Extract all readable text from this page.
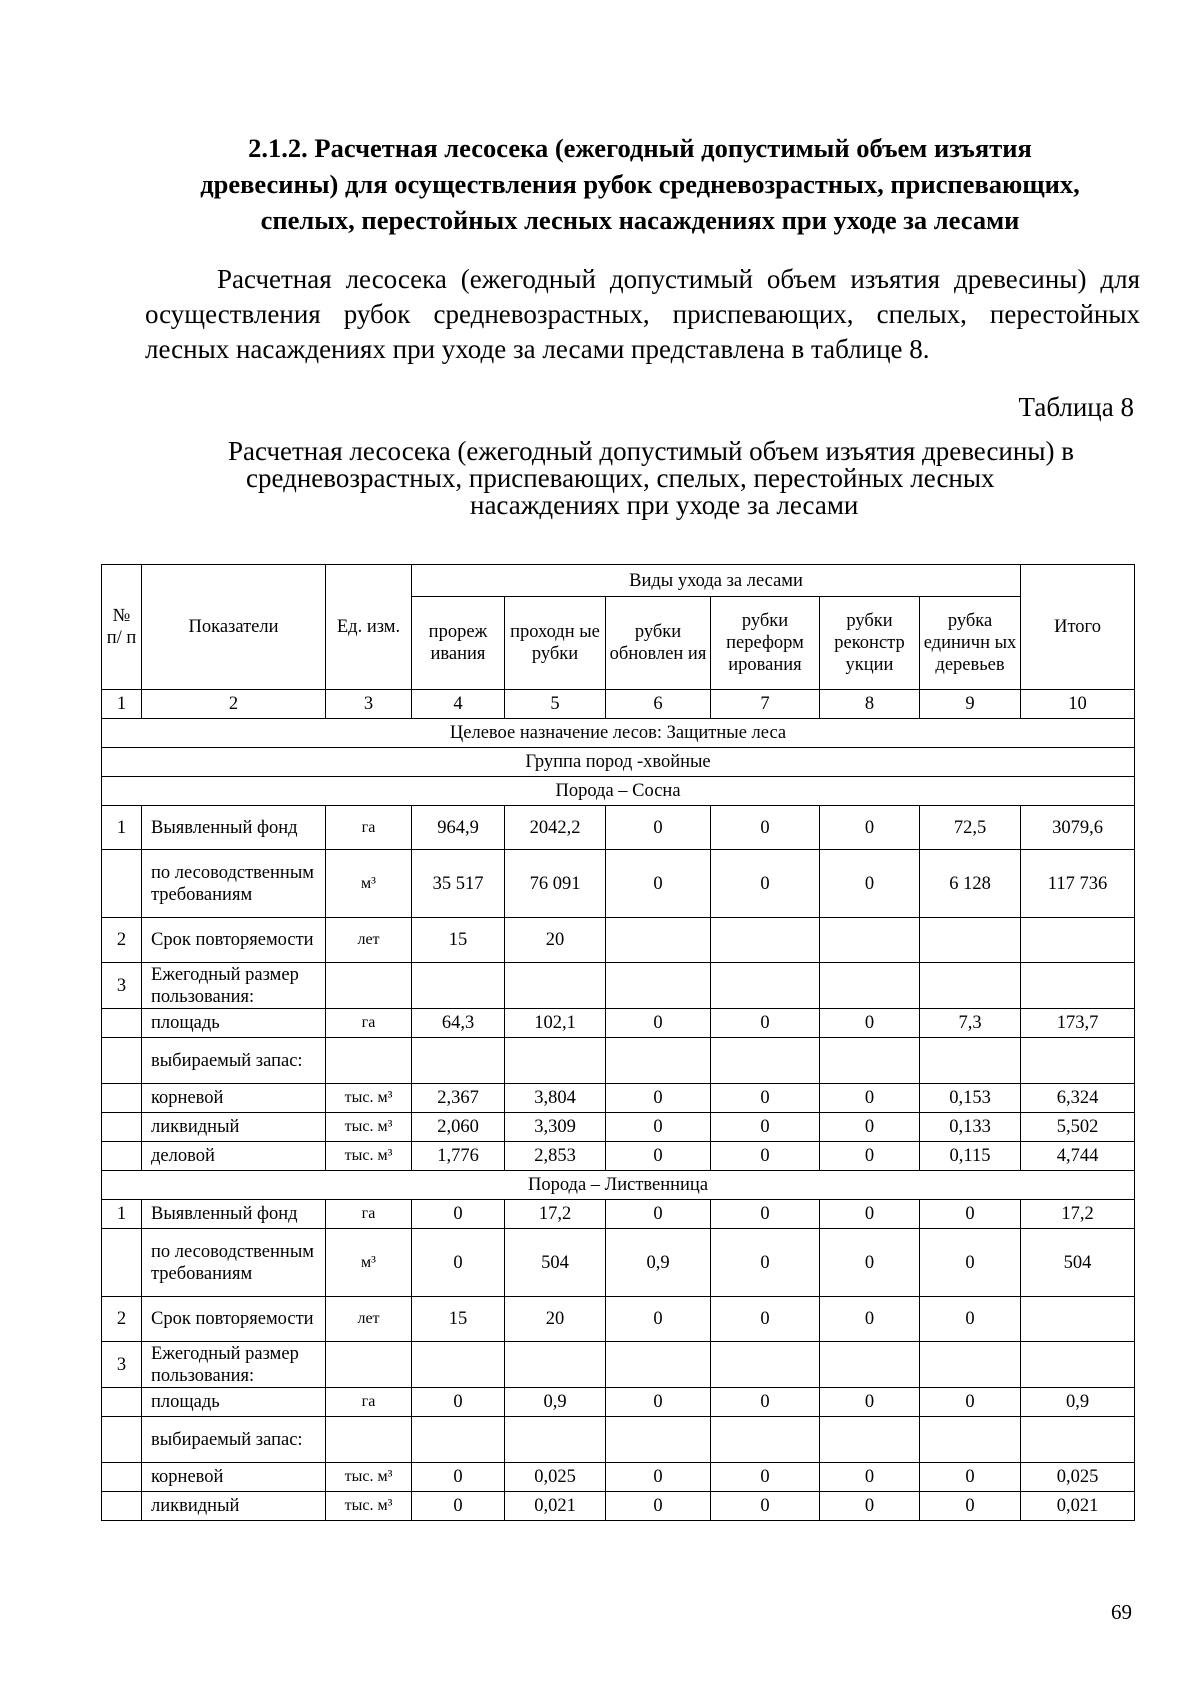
2.1.2. Расчетная лесосека (ежегодный допустимый объем изъятия
древесины) для осуществления рубок средневозрастных, приспевающих,
спелых, перестойных лесных насаждениях при уходе за лесами
Расчетная лесосека (ежегодный допустимый объем изъятия древесины) для
осуществления рубок средневозрастных, приспевающих, спелых, перестойных
лесных насаждениях при уходе за лесами представлена в таблице 8.
Таблица 8
Расчетная лесосека (ежегодный допустимый объем изъятия древесины) в
средневозрастных, приспевающих, спелых, перестойных лесных
насаждениях при уходе за лесами
№ п/ п	Показатели	Ед. изм.	Виды ухода за лесами						Итого
			прореж ивания	проходн ые рубки	рубки обновлен ия	рубки переформ ирования	рубки реконстр укции	рубка единичн ых деревьев	
1	2	3	4	5	6	7	8	9	10
Целевое назначение лесов: Защитные леса									
Группа пород -хвойные									
Порода – Сосна									
1	Выявленный фонд	га	964,9	2042,2	0	0	0	72,5	3079,6
	по лесоводственным требованиям	м³	35 517	76 091	0	0	0	6 128	117 736
2	Срок повторяемости	лет	15	20					
3	Ежегодный размер пользования:								
	площадь	га	64,3	102,1	0	0	0	7,3	173,7
	выбираемый запас:								
	корневой	тыс. м³	2,367	3,804	0	0	0	0,153	6,324
	ликвидный	тыс. м³	2,060	3,309	0	0	0	0,133	5,502
	деловой	тыс. м³	1,776	2,853	0	0	0	0,115	4,744
Порода – Лиственница									
1	Выявленный фонд	га	0	17,2	0	0	0	0	17,2
	по лесоводственным требованиям	м³	0	504	0,9	0	0	0	504
2	Срок повторяемости	лет	15	20	0	0	0	0	
3	Ежегодный размер пользования:								
	площадь	га	0	0,9	0	0	0	0	0,9
	выбираемый запас:								
	корневой	тыс. м³	0	0,025	0	0	0	0	0,025
	ликвидный	тыс. м³	0	0,021	0	0	0	0	0,021
69
